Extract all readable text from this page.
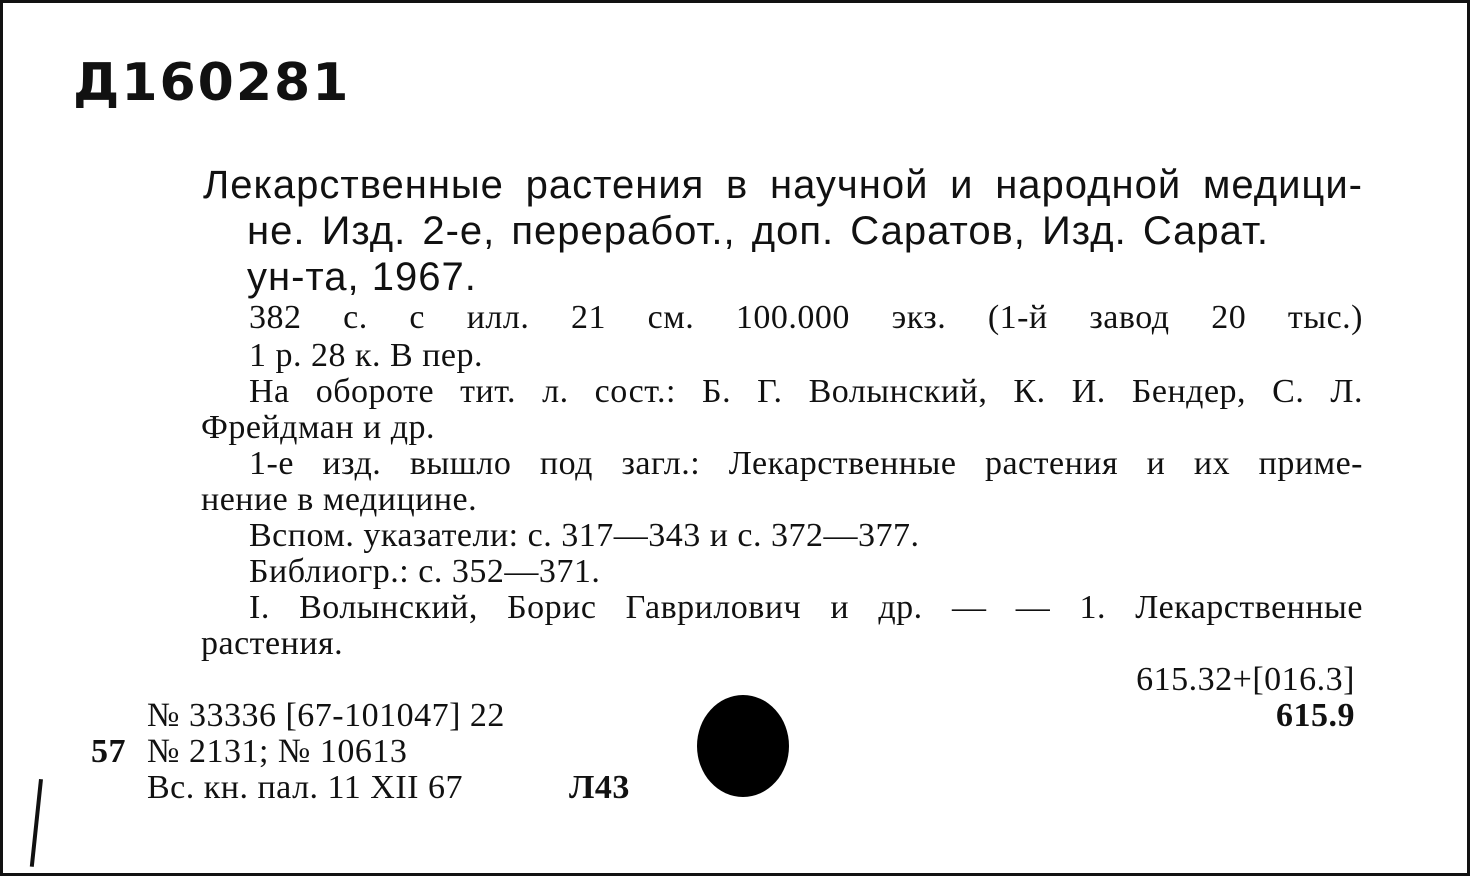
Д160281
Лекарственные растения в научной и народной медици-
не. Изд. 2-е, переработ., доп. Саратов, Изд. Сарат.
ун-та, 1967.
382 с. с илл. 21 см. 100.000 экз. (1-й завод 20 тыс.)
1 р. 28 к. В пер.
На обороте тит. л. сост.: Б. Г. Волынский, К. И. Бендер, С. Л.
Фрейдман и др.
1-е изд. вышло под загл.: Лекарственные растения и их приме-
нение в медицине.
Вспом. указатели: с. 317—343 и с. 372—377.
Библиогр.: с. 352—371.
I. Волынский, Борис Гаврилович и др. — — 1. Лекарственные
растения.
615.32+[016.3]
615.9
№ 33336 [67-101047] 22
57 № 2131; № 10613
Вс. кн. пал. 11 XII 67	Л43
